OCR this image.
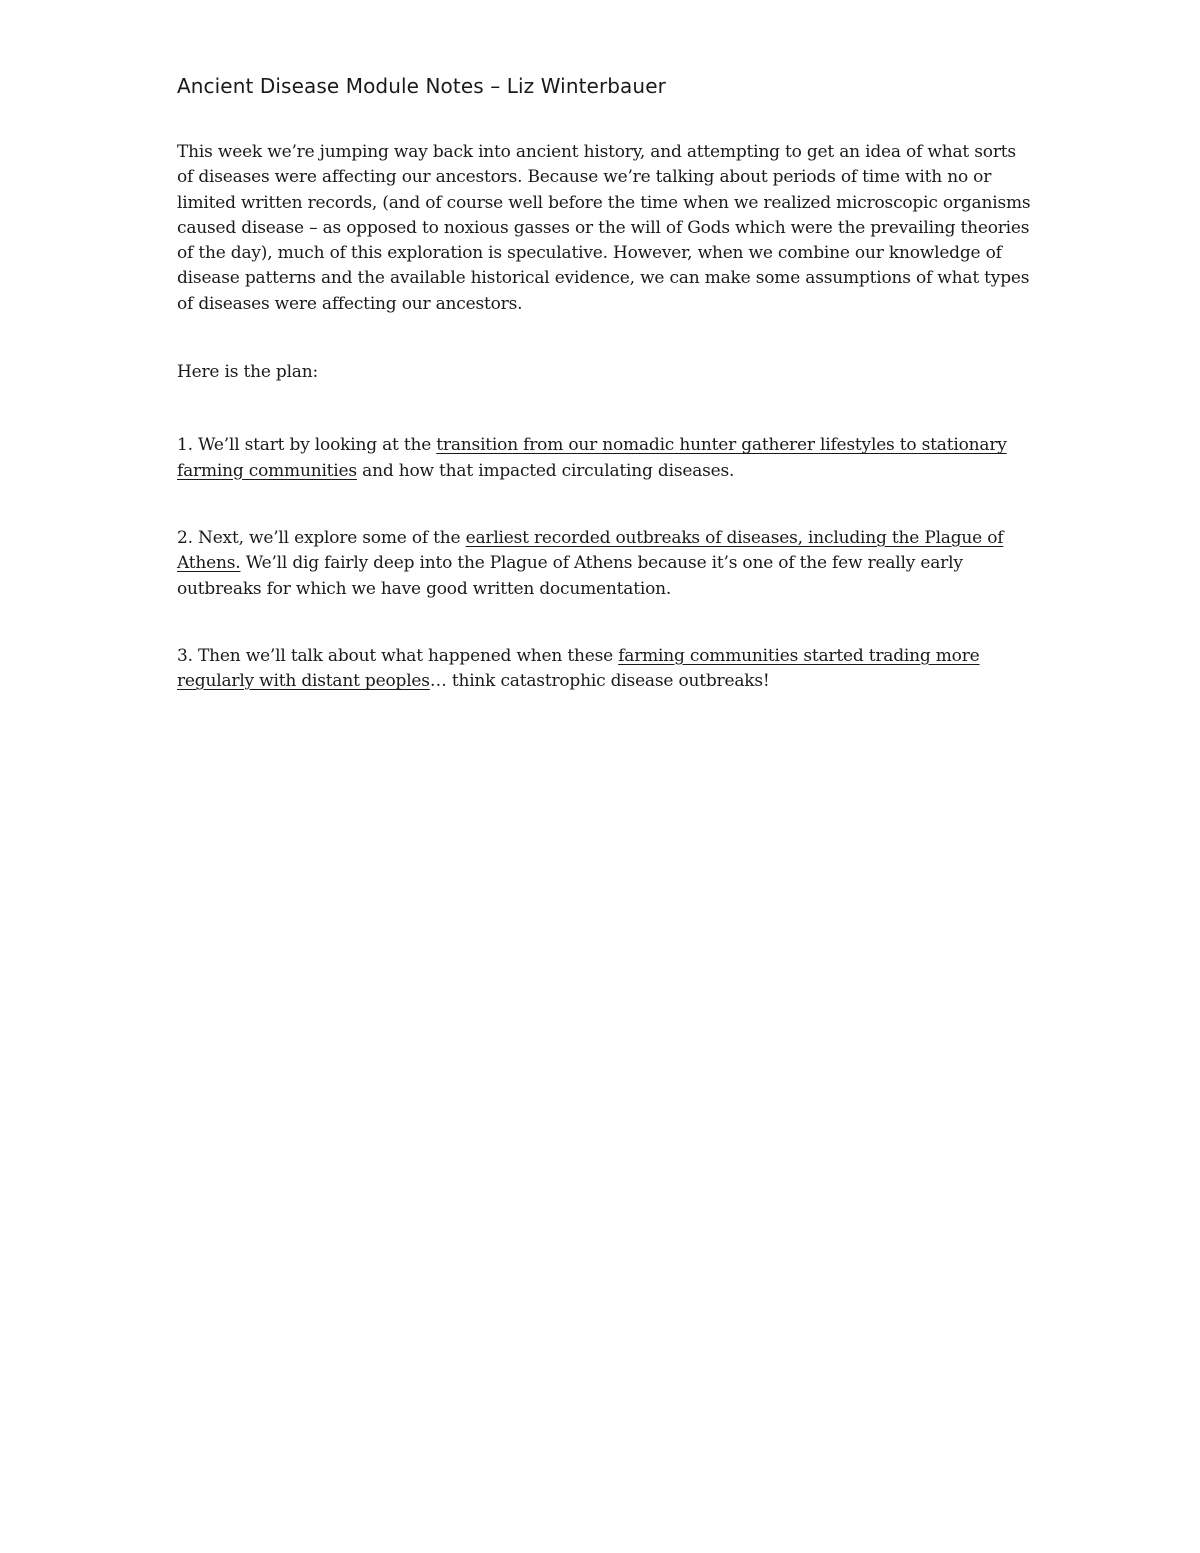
Ancient Disease Module Notes – Liz Winterbauer

This week we’re jumping way back into ancient history, and attempting to get an idea of what sorts of diseases were affecting our ancestors. Because we’re talking about periods of time with no or limited written records, (and of course well before the time when we realized microscopic organisms caused disease – as opposed to noxious gasses or the will of Gods which were the prevailing theories of the day), much of this exploration is speculative. However, when we combine our knowledge of disease patterns and the available historical evidence, we can make some assumptions of what types of diseases were affecting our ancestors.

Here is the plan:

1. We’ll start by looking at the transition from our nomadic hunter gatherer lifestyles to stationary farming communities and how that impacted circulating diseases.

2. Next, we’ll explore some of the earliest recorded outbreaks of diseases, including the Plague of Athens. We’ll dig fairly deep into the Plague of Athens because it’s one of the few really early outbreaks for which we have good written documentation.

3. Then we’ll talk about what happened when these farming communities started trading more regularly with distant peoples… think catastrophic disease outbreaks!
